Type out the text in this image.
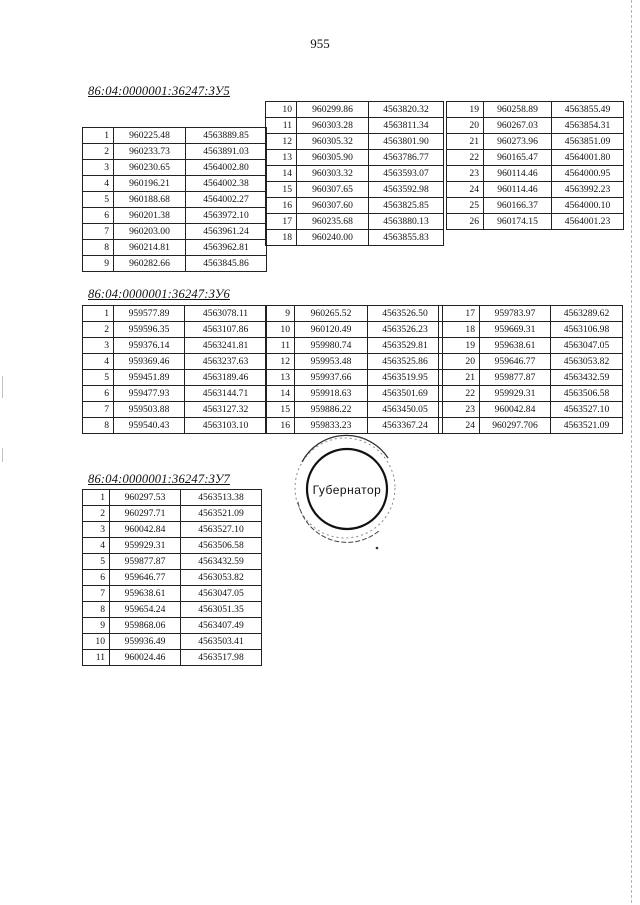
955
86:04:0000001:36247:ЗУ5
1	960225.48	4563889.85
2	960233.73	4563891.03
3	960230.65	4564002.80
4	960196.21	4564002.38
5	960188.68	4564002.27
6	960201.38	4563972.10
7	960203.00	4563961.24
8	960214.81	4563962.81
9	960282.66	4563845.86
10	960299.86	4563820.32
11	960303.28	4563811.34
12	960305.32	4563801.90
13	960305.90	4563786.77
14	960303.32	4563593.07
15	960307.65	4563592.98
16	960307.60	4563825.85
17	960235.68	4563880.13
18	960240.00	4563855.83
19	960258.89	4563855.49
20	960267.03	4563854.31
21	960273.96	4563851.09
22	960165.47	4564001.80
23	960114.46	4564000.95
24	960114.46	4563992.23
25	960166.37	4564000.10
26	960174.15	4564001.23
86:04:0000001:36247:ЗУ6
1	959577.89	4563078.11
2	959596.35	4563107.86
3	959376.14	4563241.81
4	959369.46	4563237.63
5	959451.89	4563189.46
6	959477.93	4563144.71
7	959503.88	4563127.32
8	959540.43	4563103.10
9	960265.52	4563526.50
10	960120.49	4563526.23
11	959980.74	4563529.81
12	959953.48	4563525.86
13	959937.66	4563519.95
14	959918.63	4563501.69
15	959886.22	4563450.05
16	959833.23	4563367.24
17	959783.97	4563289.62
18	959669.31	4563106.98
19	959638.61	4563047.05
20	959646.77	4563053.82
21	959877.87	4563432.59
22	959929.31	4563506.58
23	960042.84	4563527.10
24	960297.706	4563521.09
86:04:0000001:36247:ЗУ7
1	960297.53	4563513.38
2	960297.71	4563521.09
3	960042.84	4563527.10
4	959929.31	4563506.58
5	959877.87	4563432.59
6	959646.77	4563053.82
7	959638.61	4563047.05
8	959654.24	4563051.35
9	959868.06	4563407.49
10	959936.49	4563503.41
11	960024.46	4563517.98
Губернатор
